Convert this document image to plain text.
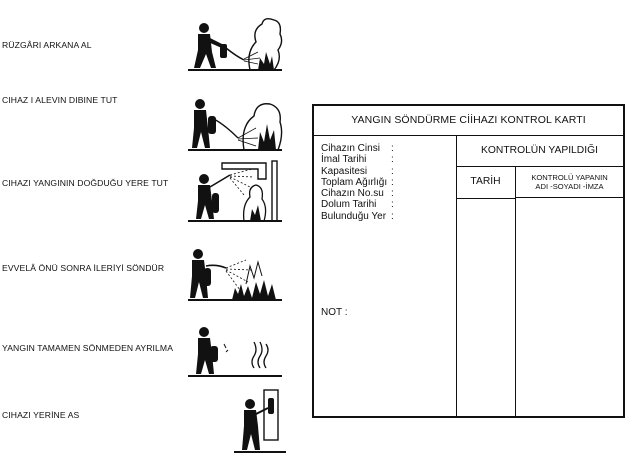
RÜZGÂRI ARKANA AL
CIHAZ I ALEVIN DIBINE TUT
CIHAZI YANGININ DOĞDUĞU YERE TUT
EVVELÂ ÖNÜ SONRA İLERİYİ SÖNDÜR
YANGIN TAMAMEN SÖNMEDEN AYRILMA
CIHAZI YERİNE AS
YANGIN SÖNDÜRME CİİHAZI KONTROL KARTI
Cihazın Cinsi	:
İmal Tarihi	:
Kapasitesi	:
Toplam Ağırlığı :
Cihazın No.su :
Dolum Tarihi	:
Bulunduğu Yer :
NOT :
KONTROLÜN YAPILDIĞI
TARİH	KONTROLÜ YAPANIN
ADI -SOYADI -İMZA
